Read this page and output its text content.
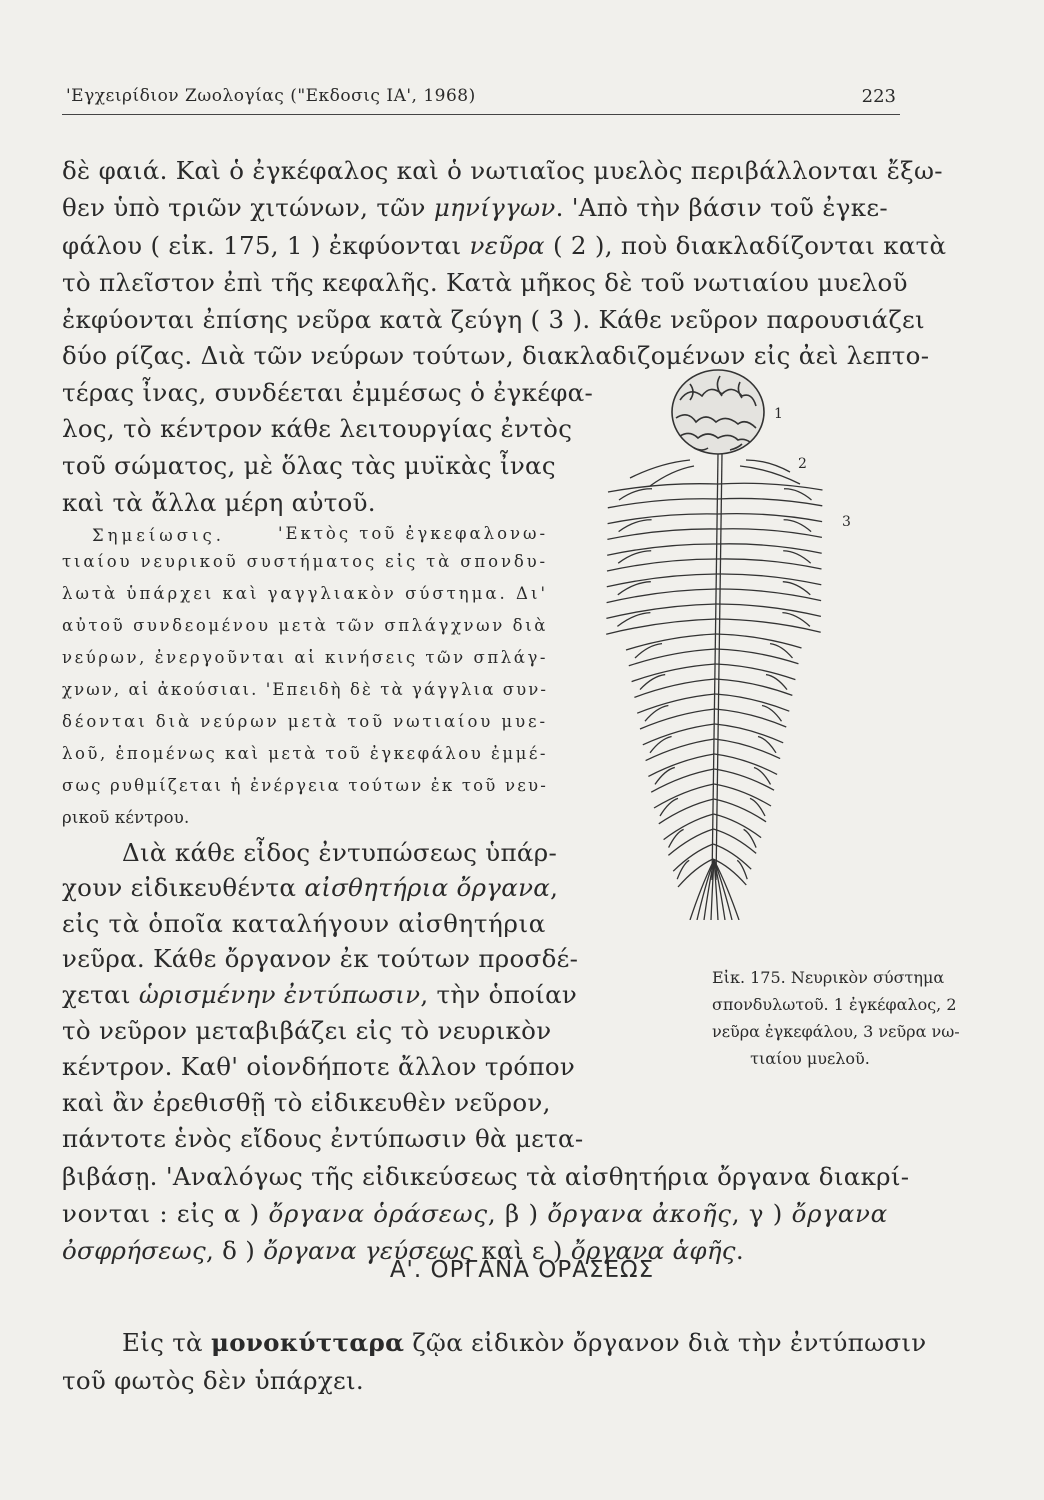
'Εγχειρίδιον Ζωολογίας ("Εκδοσις ΙΑ', 1968)	223
δὲ φαιά. Καὶ ὁ ἐγκέφαλος καὶ ὁ νωτιαῖος μυελὸς περιβάλλονται ἔξω-
θεν ὑπὸ τριῶν χιτώνων, τῶν μηνίγγων. 'Απὸ τὴν βάσιν τοῦ ἐγκε-
φάλου ( εἰκ. 175, 1 ) ἐκφύονται νεῦρα ( 2 ), ποὺ διακλαδίζονται κατὰ
τὸ πλεῖστον ἐπὶ τῆς κεφαλῆς. Κατὰ μῆκος δὲ τοῦ νωτιαίου μυελοῦ
ἐκφύονται ἐπίσης νεῦρα κατὰ ζεύγη ( 3 ). Κάθε νεῦρον παρουσιάζει
δύο ρίζας. Διὰ τῶν νεύρων τούτων, διακλαδιζομένων εἰς ἀεὶ λεπτο-
τέρας ἶνας, συνδέεται ἐμμέσως ὁ ἐγκέφα-
λος, τὸ κέντρον κάθε λειτουργίας ἐντὸς
τοῦ σώματος, μὲ ὅλας τὰς μυϊκὰς ἶνας
καὶ τὰ ἄλλα μέρη αὐτοῦ.
Σημείωσις.	'Εκτὸς τοῦ ἐγκεφαλονω-
τιαίου νευρικοῦ συστήματος εἰς τὰ σπονδυ-
λωτὰ ὑπάρχει καὶ γαγγλιακὸν σύστημα. Δι'
αὐτοῦ συνδεομένου μετὰ τῶν σπλάγχνων διὰ
νεύρων, ἐνεργοῦνται αἱ κινήσεις τῶν σπλάγ-
χνων, αἱ ἀκούσιαι. 'Επειδὴ δὲ τὰ γάγγλια συν-
δέονται διὰ νεύρων μετὰ τοῦ νωτιαίου μυε-
λοῦ, ἑπομένως καὶ μετὰ τοῦ ἐγκεφάλου ἐμμέ-
σως ρυθμίζεται ἡ ἐνέργεια τούτων ἐκ τοῦ νευ-
ρικοῦ κέντρου.
Διὰ κάθε εἶδος ἐντυπώσεως ὑπάρ-
χουν εἰδικευθέντα αἰσθητήρια ὄργανα,
εἰς τὰ ὁποῖα καταλήγουν αἰσθητήρια
νεῦρα. Κάθε ὄργανον ἐκ τούτων προσδέ-
χεται ὡρισμένην ἐντύπωσιν, τὴν ὁποίαν
τὸ νεῦρον μεταβιβάζει εἰς τὸ νευρικὸν
κέντρον. Καθ' οἱονδήποτε ἄλλον τρόπον
καὶ ἂν ἐρεθισθῇ τὸ εἰδικευθὲν νεῦρον,
πάντοτε ἑνὸς εἴδους ἐντύπωσιν θὰ μετα-
βιβάσῃ. 'Αναλόγως τῆς εἰδικεύσεως τὰ αἰσθητήρια ὄργανα διακρί-
νονται : εἰς α ) ὄργανα ὁράσεως, β ) ὄργανα ἀκοῆς, γ ) ὄργανα
ὀσφρήσεως, δ ) ὄργανα γεύσεως καὶ ε ) ὄργανα ἁφῆς.
Εἰς τὰ μονοκύτταρα ζῷα εἰδικὸν ὄργανον διὰ τὴν ἐντύπωσιν
τοῦ φωτὸς δὲν ὑπάρχει.
1
2
3
Εἰκ. 175. Νευρικὸν σύστημα
σπονδυλωτοῦ. 1 ἐγκέφαλος, 2
νεῦρα ἐγκεφάλου, 3 νεῦρα νω-
τιαίου μυελοῦ.
Α'. ΟΡΓΑΝΑ ΟΡΑΣΕΩΣ
